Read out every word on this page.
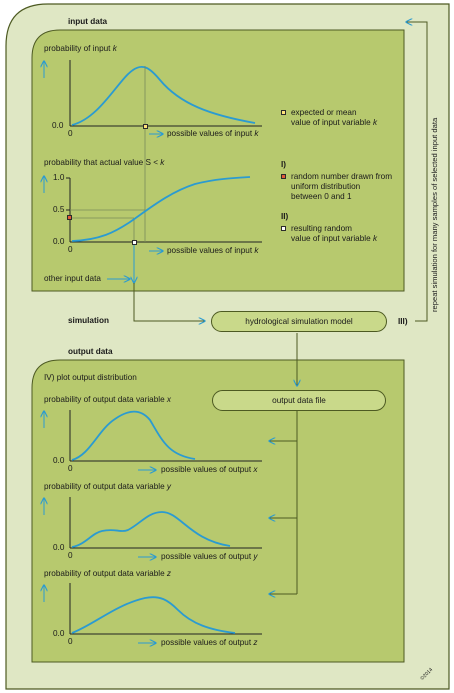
input data
simulation
output data
probability of input k
0.0
0	possible values of input k
probability that actual value S < k
1.0
0.5
0.0
0	possible values of input k
expected or mean
value of input variable k
I)
random number drawn from
uniform distribution
between 0 and 1
II)
resulting random
value of input variable k
other input data
hydrological simulation model	III)
repeat simulation for many samples of selected input data
IV) plot output distribution
output data file
probability of output data variable x
0.0
0	possible values of output x
probability of output data variable y
0.0
0	possible values of output y
probability of output data variable z
0.0
0	possible values of output z
©2014
